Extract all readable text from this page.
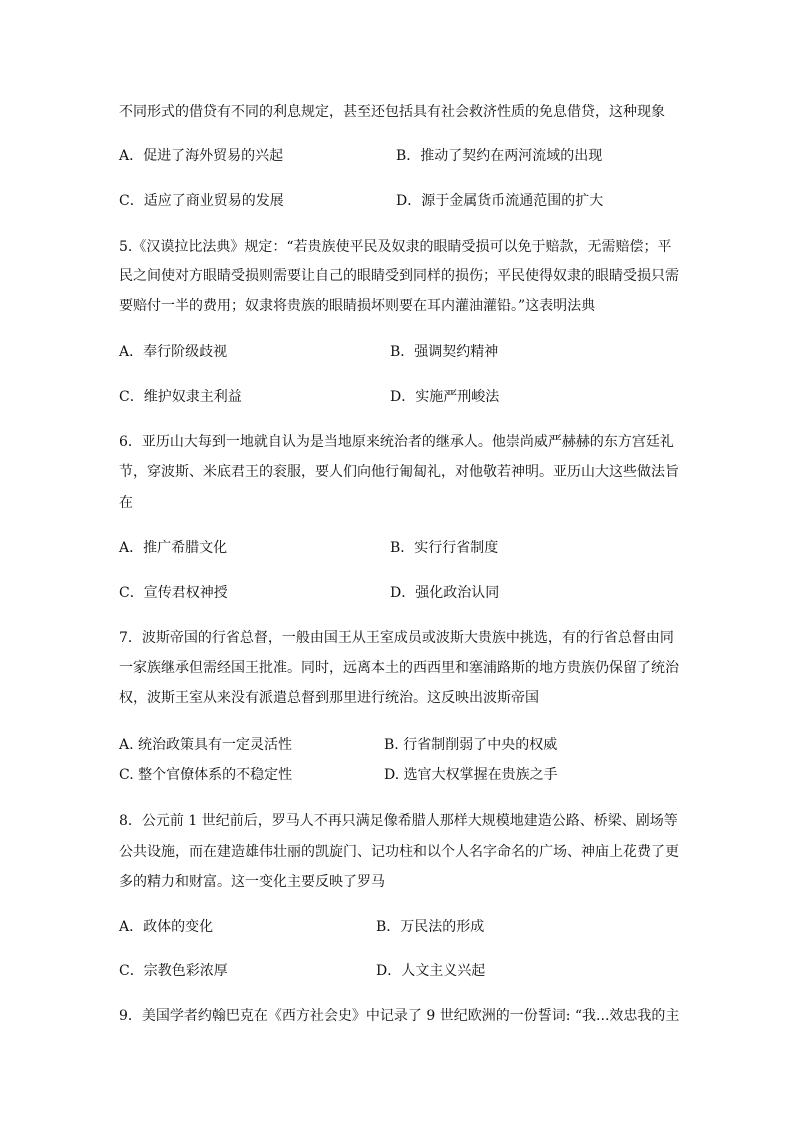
不同形式的借贷有不同的利息规定，甚至还包括具有社会救济性质的免息借贷，这种现象
A．促进了海外贸易的兴起	B．推动了契约在两河流域的出现
C．适应了商业贸易的发展	D．源于金属货币流通范围的扩大
5.《汉谟拉比法典》规定：“若贵族使平民及奴隶的眼睛受损可以免于赔款，无需赔偿；平
民之间使对方眼睛受损则需要让自己的眼睛受到同样的损伤；平民使得奴隶的眼睛受损只需
要赔付一半的费用；奴隶将贵族的眼睛损坏则要在耳内灌油灌铅。”这表明法典
A．奉行阶级歧视	B．强调契约精神
C．维护奴隶主利益	D．实施严刑峻法
6．亚历山大每到一地就自认为是当地原来统治者的继承人。他崇尚威严赫赫的东方宫廷礼
节，穿波斯、米底君王的衮服，要人们向他行匍匐礼，对他敬若神明。亚历山大这些做法旨
在
A．推广希腊文化	B．实行行省制度
C．宣传君权神授	D．强化政治认同
7．波斯帝国的行省总督，一般由国王从王室成员或波斯大贵族中挑选，有的行省总督由同
一家族继承但需经国王批准。同时，远离本土的西西里和塞浦路斯的地方贵族仍保留了统治
权，波斯王室从来没有派遣总督到那里进行统治。这反映出波斯帝国
A. 统治政策具有一定灵活性	B. 行省制削弱了中央的权威
C. 整个官僚体系的不稳定性	D. 选官大权掌握在贵族之手
8．公元前 1 世纪前后，罗马人不再只满足像希腊人那样大规模地建造公路、桥梁、剧场等
公共设施，而在建造雄伟壮丽的凯旋门、记功柱和以个人名字命名的广场、神庙上花费了更
多的精力和财富。这一变化主要反映了罗马
A．政体的变化	B．万民法的形成
C．宗教色彩浓厚	D．人文主义兴起
9．美国学者约翰巴克在《西方社会史》中记录了 9 世纪欧洲的一份誓词: “我...效忠我的主
